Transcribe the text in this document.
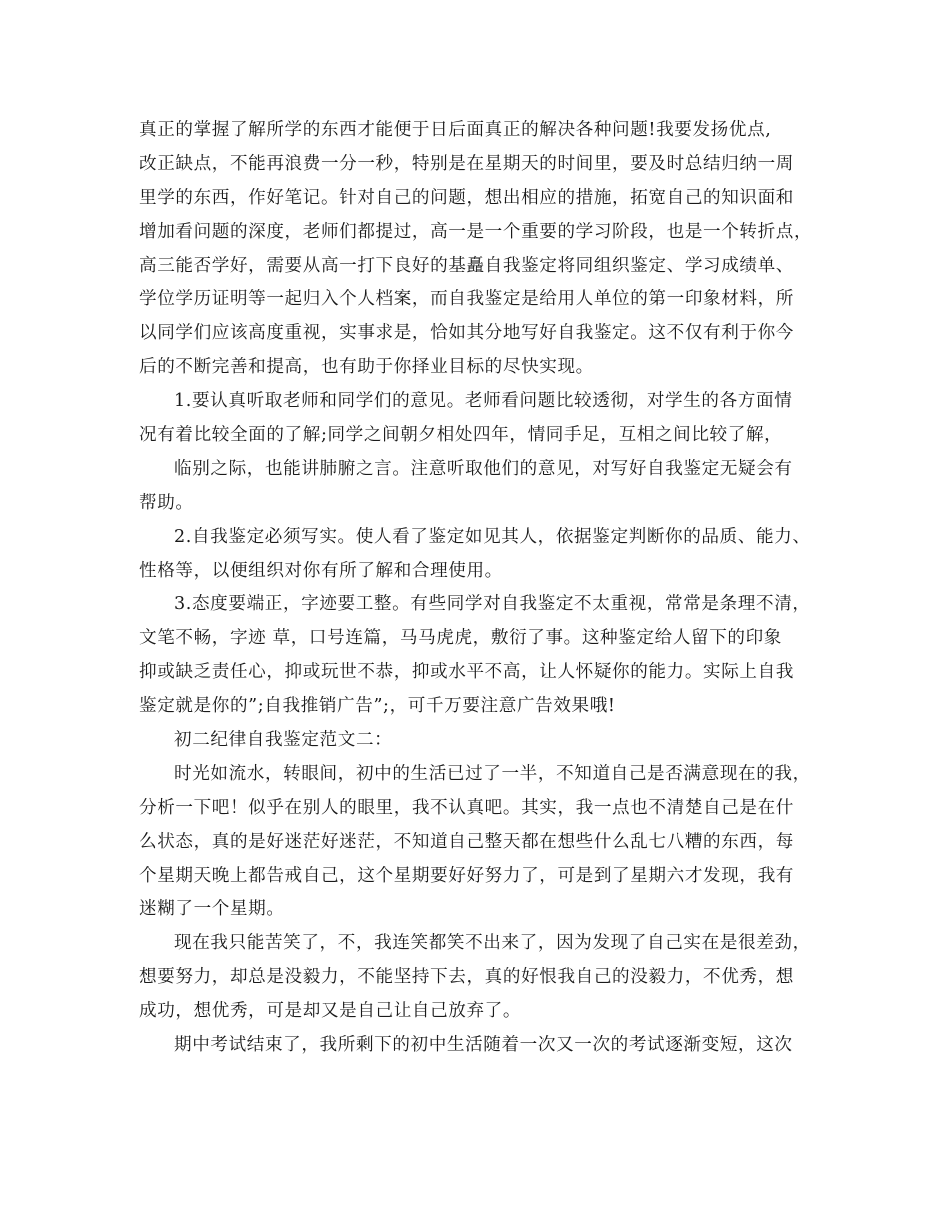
真正的掌握了解所学的东西才能便于日后面真正的解决各种问题!我要发扬优点,
改正缺点，不能再浪费一分一秒，特别是在星期天的时间里，要及时总结归纳一周
里学的东西，作好笔记。针对自己的问题，想出相应的措施，拓宽自己的知识面和
增加看问题的深度，老师们都提过，高一是一个重要的学习阶段，也是一个转折点，
高三能否学好，需要从高一打下良好的基矗自我鉴定将同组织鉴定、学习成绩单、
学位学历证明等一起归入个人档案，而自我鉴定是给用人单位的第一印象材料，所
以同学们应该高度重视，实事求是，恰如其分地写好自我鉴定。这不仅有利于你今
后的不断完善和提高，也有助于你择业目标的尽快实现。
1.要认真听取老师和同学们的意见。老师看问题比较透彻，对学生的各方面情
况有着比较全面的了解;同学之间朝夕相处四年，情同手足，互相之间比较了解，
临别之际，也能讲肺腑之言。注意听取他们的意见，对写好自我鉴定无疑会有
帮助。
2.自我鉴定必须写实。使人看了鉴定如见其人，依据鉴定判断你的品质、能力、
性格等，以便组织对你有所了解和合理使用。
3.态度要端正，字迹要工整。有些同学对自我鉴定不太重视，常常是条理不清，
文笔不畅，字迹 草，口号连篇，马马虎虎，敷衍了事。这种鉴定给人留下的印象
抑或缺乏责任心，抑或玩世不恭，抑或水平不高，让人怀疑你的能力。实际上自我
鉴定就是你的”;自我推销广告”;，可千万要注意广告效果哦!
初二纪律自我鉴定范文二：
时光如流水，转眼间，初中的生活已过了一半，不知道自己是否满意现在的我，
分析一下吧！似乎在别人的眼里，我不认真吧。其实，我一点也不清楚自己是在什
么状态，真的是好迷茫好迷茫，不知道自己整天都在想些什么乱七八糟的东西，每
个星期天晚上都告戒自己，这个星期要好好努力了，可是到了星期六才发现，我有
迷糊了一个星期。
现在我只能苦笑了，不，我连笑都笑不出来了，因为发现了自己实在是很差劲，
想要努力，却总是没毅力，不能坚持下去，真的好恨我自己的没毅力，不优秀，想
成功，想优秀，可是却又是自己让自己放弃了。
期中考试结束了，我所剩下的初中生活随着一次又一次的考试逐渐变短，这次
